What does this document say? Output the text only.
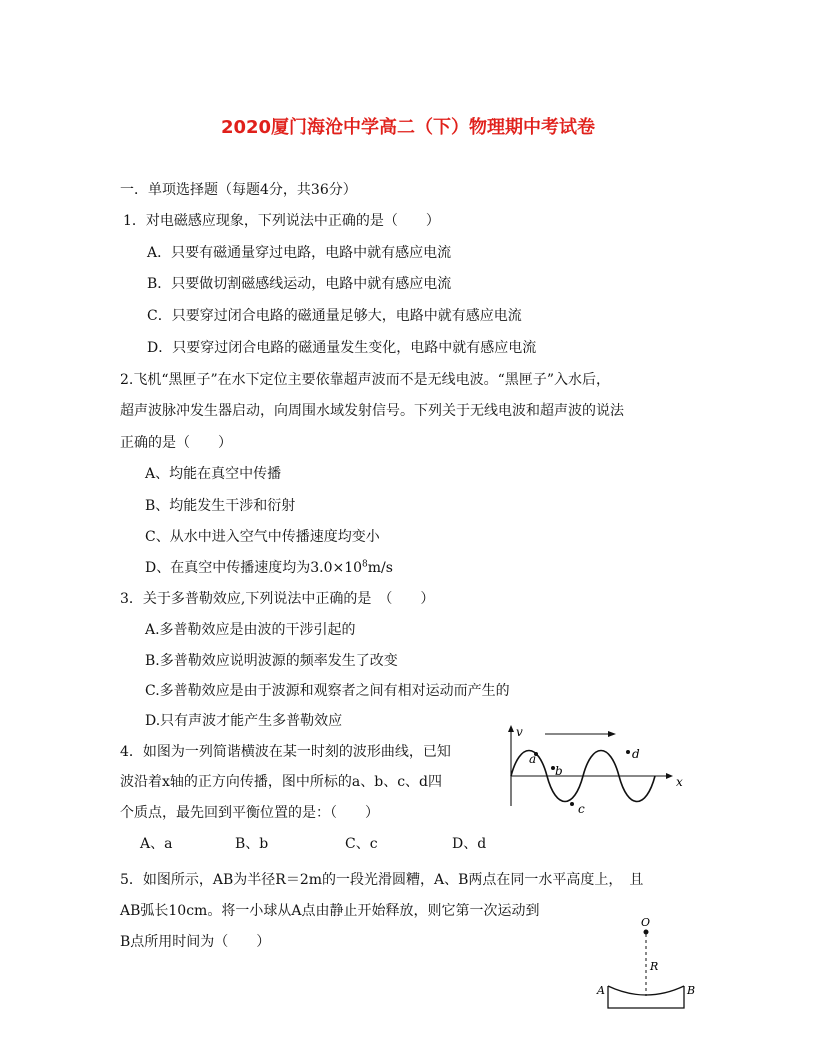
2020厦门海沧中学高二（下）物理期中考试卷
一．单项选择题（每题4分，共36分）
1．对电磁感应现象，下列说法中正确的是（　　）
A．只要有磁通量穿过电路，电路中就有感应电流
B．只要做切割磁感线运动，电路中就有感应电流
C．只要穿过闭合电路的磁通量足够大，电路中就有感应电流
D．只要穿过闭合电路的磁通量发生变化，电路中就有感应电流
2.飞机“黑匣子”在水下定位主要依靠超声波而不是无线电波。“黑匣子”入水后，
超声波脉冲发生器启动，向周围水域发射信号。下列关于无线电波和超声波的说法
正确的是（　　）
A、均能在真空中传播
B、均能发生干涉和衍射
C、从水中进入空气中传播速度均变小
D、在真空中传播速度均为$3.0\times 10^8m/s$
3．关于多普勒效应,下列说法中正确的是　（　　）
A.多普勒效应是由波的干涉引起的
B.多普勒效应说明波源的频率发生了改变
C.多普勒效应是由于波源和观察者之间有相对运动而产生的
D.只有声波才能产生多普勒效应
4．如图为一列简谐横波在某一时刻的波形曲线，已知
波沿着x轴的正方向传播，图中所标的a、b、c、d四
个质点，最先回到平衡位置的是：（　　）
A、a	B、b	C、c	D、d
v
x
a
b
c
d
5．如图所示，AB为半径R＝2m的一段光滑圆糟，A、B两点在同一水平高度上，　且
AB弧长10cm。将一小球从A点由静止开始释放，则它第一次运动到
B点所用时间为（　　）
O
R
A	B
